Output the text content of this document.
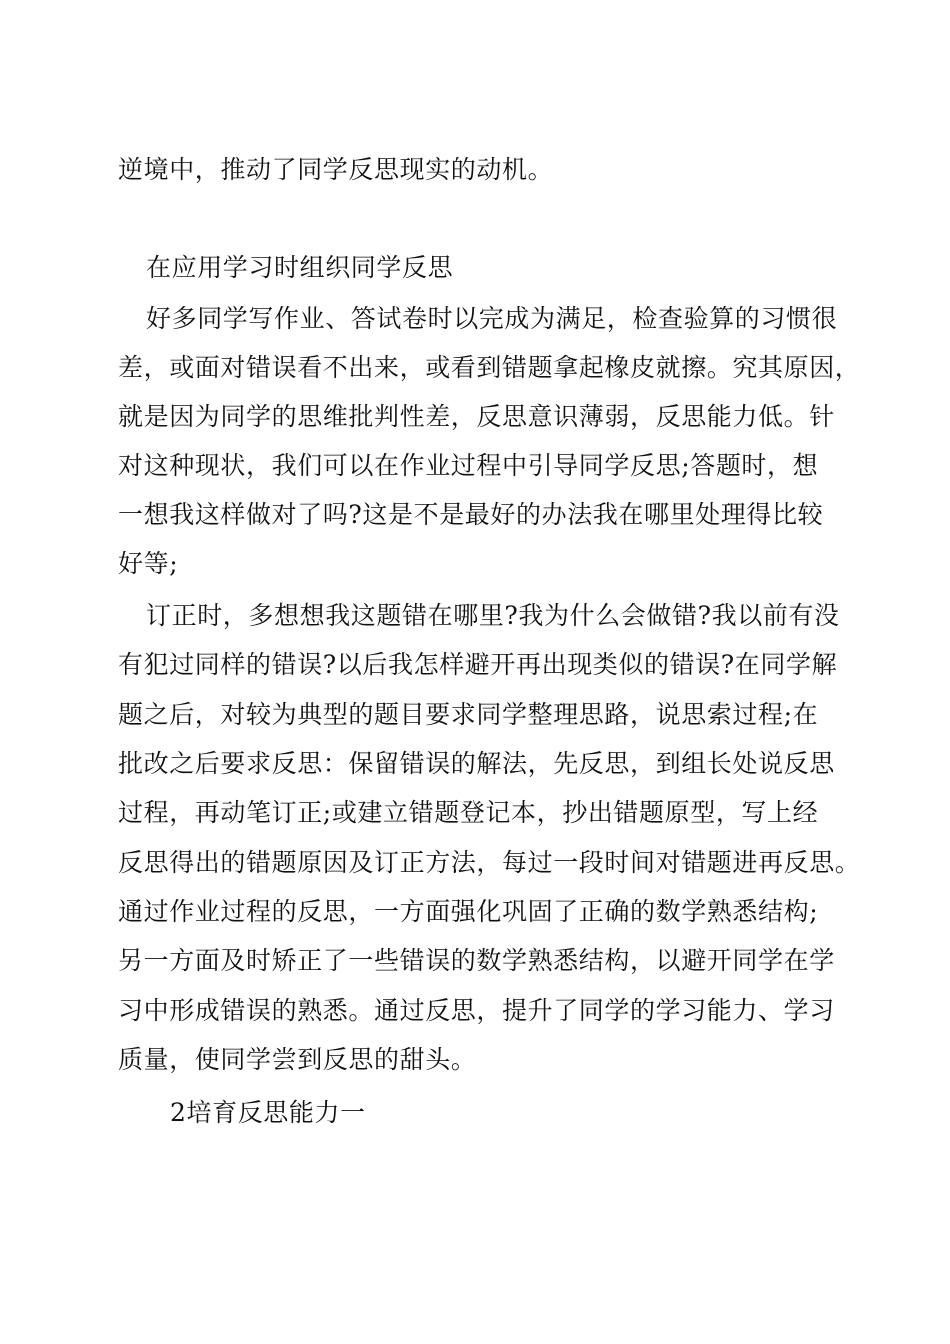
逆境中，推动了同学反思现实的动机。
在应用学习时组织同学反思
好多同学写作业、答试卷时以完成为满足，检查验算的习惯很
差，或面对错误看不出来，或看到错题拿起橡皮就擦。究其原因，
就是因为同学的思维批判性差，反思意识薄弱，反思能力低。针
对这种现状，我们可以在作业过程中引导同学反思;答题时，想
一想我这样做对了吗?这是不是最好的办法我在哪里处理得比较
好等;
订正时，多想想我这题错在哪里?我为什么会做错?我以前有没
有犯过同样的错误?以后我怎样避开再出现类似的错误?在同学解
题之后，对较为典型的题目要求同学整理思路，说思索过程;在
批改之后要求反思：保留错误的解法，先反思，到组长处说反思
过程，再动笔订正;或建立错题登记本，抄出错题原型，写上经
反思得出的错题原因及订正方法，每过一段时间对错题进再反思。
通过作业过程的反思，一方面强化巩固了正确的数学熟悉结构;
另一方面及时矫正了一些错误的数学熟悉结构，以避开同学在学
习中形成错误的熟悉。通过反思，提升了同学的学习能力、学习
质量，使同学尝到反思的甜头。
2培育反思能力一
